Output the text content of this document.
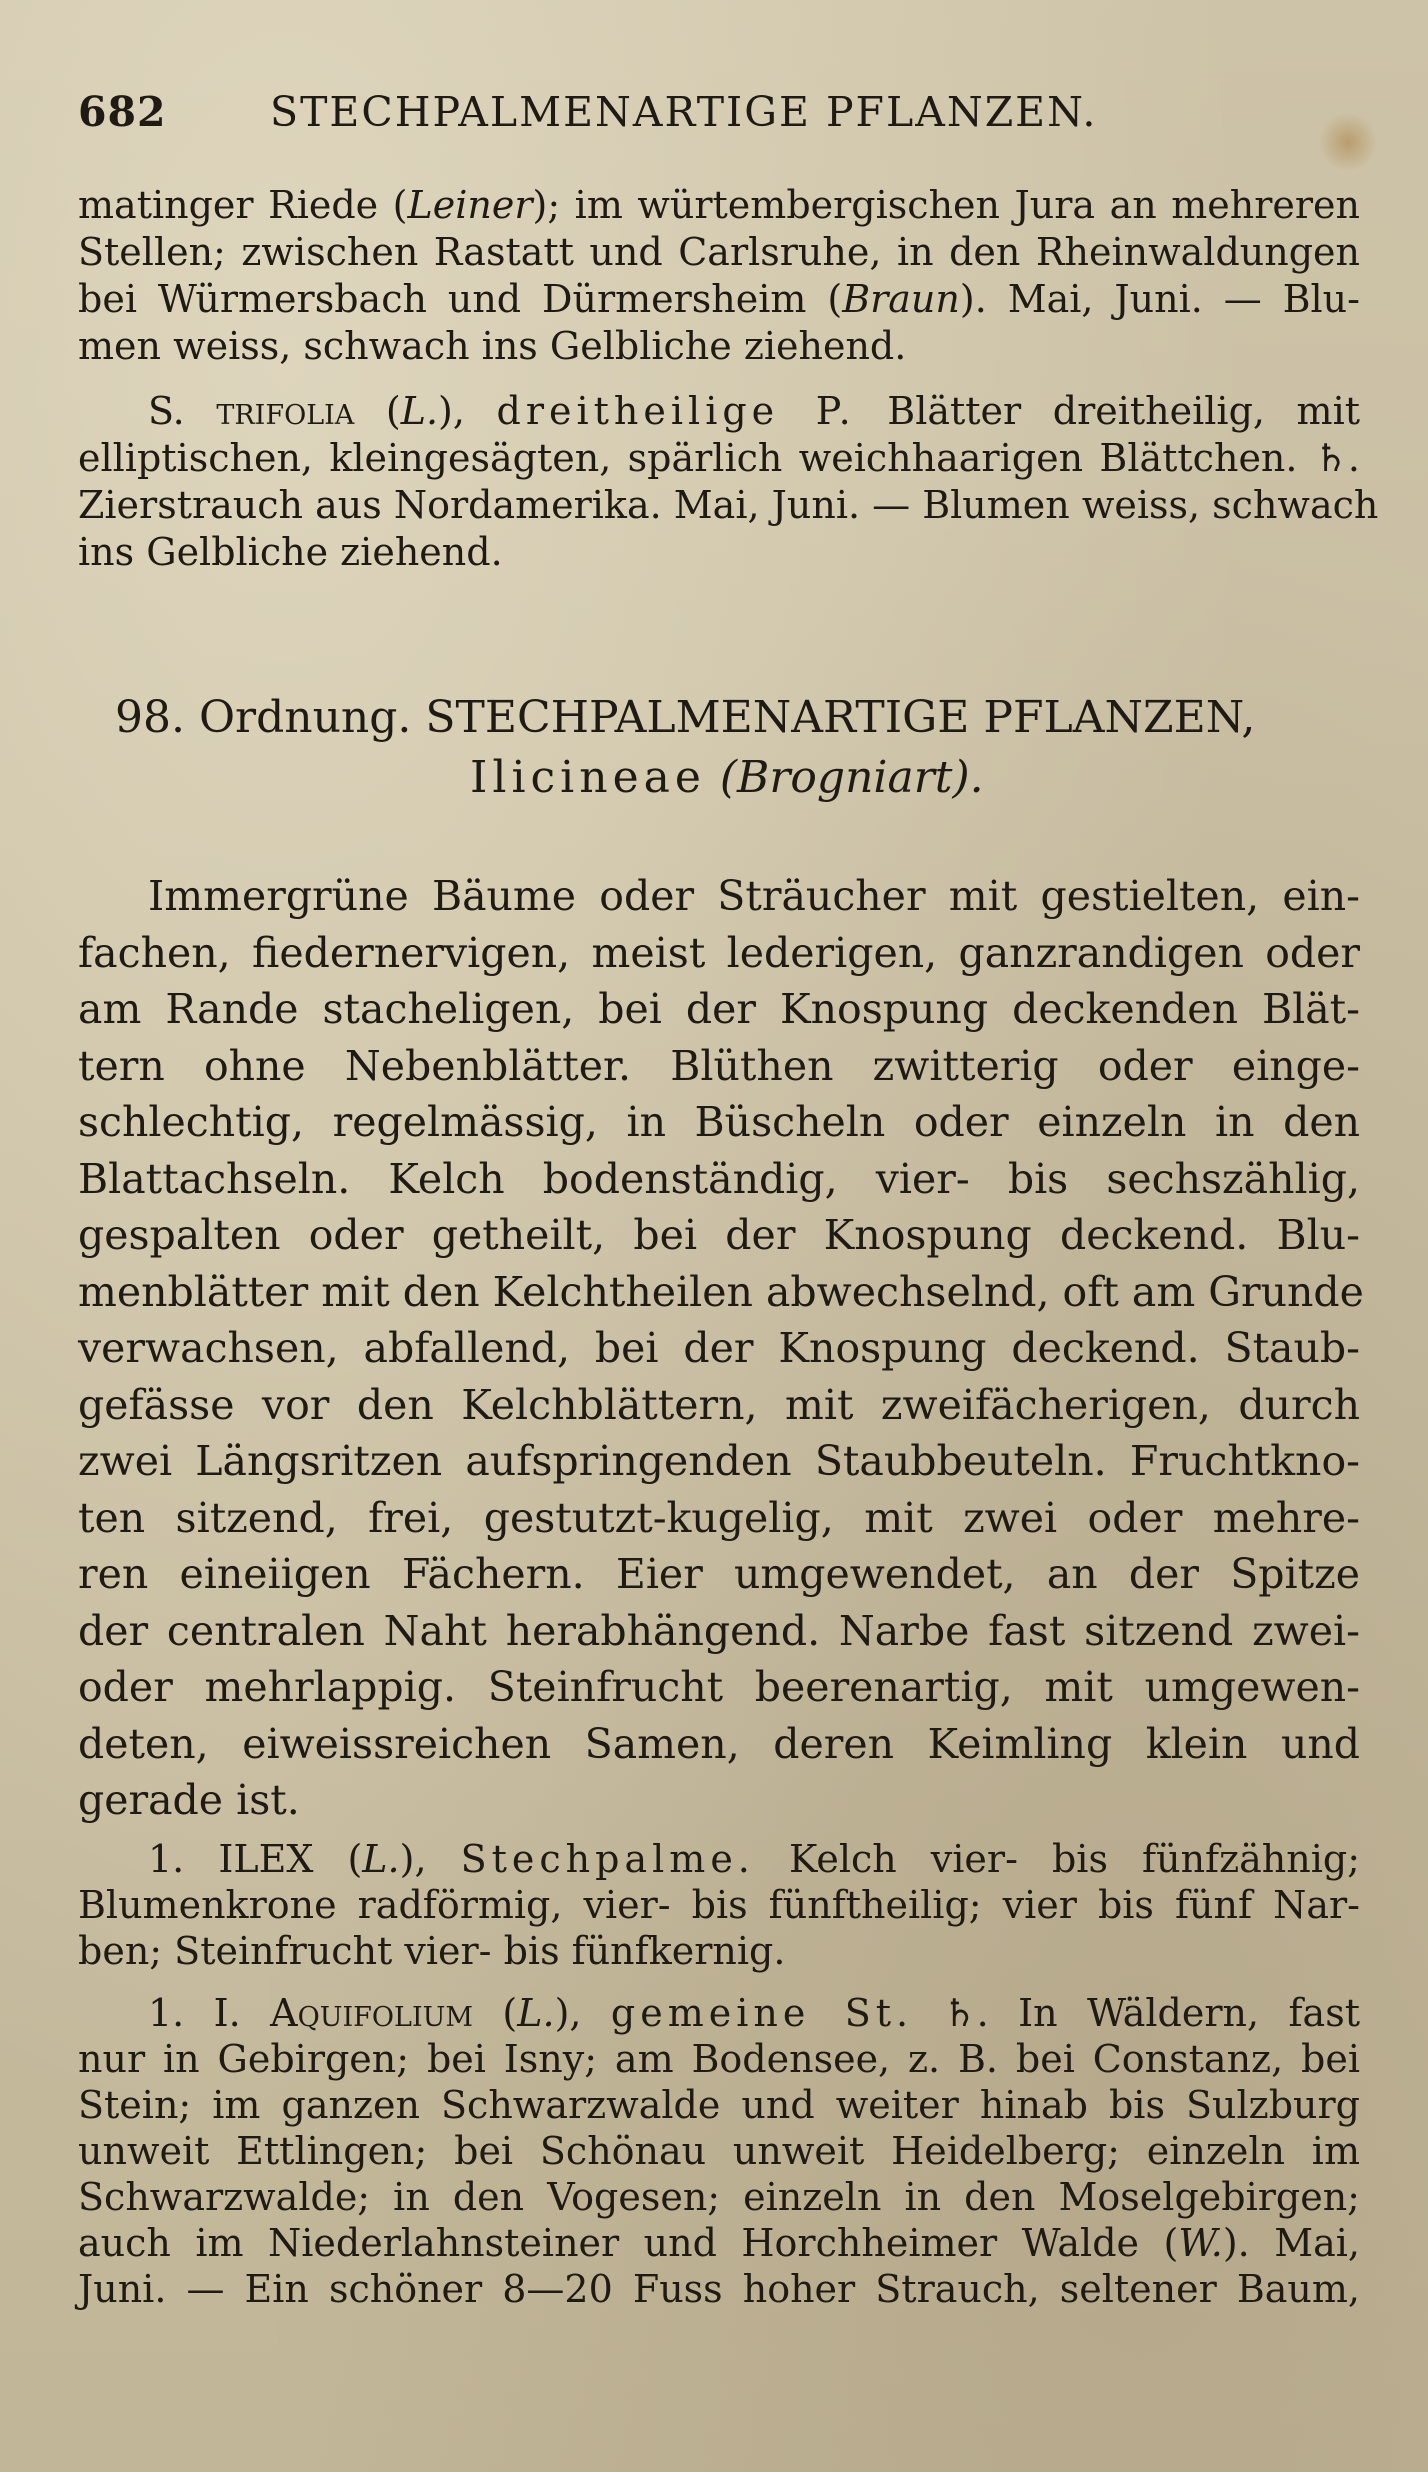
682	STECHPALMENARTIGE PFLANZEN.
matinger Riede (Leiner); im würtembergischen Jura an mehreren
Stellen; zwischen Rastatt und Carlsruhe, in den Rheinwaldungen
bei Würmersbach und Dürmersheim (Braun). Mai, Juni. — Blu-
men weiss, schwach ins Gelbliche ziehend.
S. trifolia (L.), dreitheilige P. Blätter dreitheilig, mit
elliptischen, kleingesägten, spärlich weichhaarigen Blättchen. ♄.
Zierstrauch aus Nordamerika. Mai, Juni. — Blumen weiss, schwach
ins Gelbliche ziehend.
98. Ordnung. STECHPALMENARTIGE PFLANZEN,
Ilicineae (Brogniart).
Immergrüne Bäume oder Sträucher mit gestielten, ein-
fachen, fiedernervigen, meist lederigen, ganzrandigen oder
am Rande stacheligen, bei der Knospung deckenden Blät-
tern ohne Nebenblätter. Blüthen zwitterig oder einge-
schlechtig, regelmässig, in Büscheln oder einzeln in den
Blattachseln. Kelch bodenständig, vier- bis sechszählig,
gespalten oder getheilt, bei der Knospung deckend. Blu-
menblätter mit den Kelchtheilen abwechselnd, oft am Grunde
verwachsen, abfallend, bei der Knospung deckend. Staub-
gefässe vor den Kelchblättern, mit zweifächerigen, durch
zwei Längsritzen aufspringenden Staubbeuteln. Fruchtkno-
ten sitzend, frei, gestutzt-kugelig, mit zwei oder mehre-
ren eineiigen Fächern. Eier umgewendet, an der Spitze
der centralen Naht herabhängend. Narbe fast sitzend zwei-
oder mehrlappig. Steinfrucht beerenartig, mit umgewen-
deten, eiweissreichen Samen, deren Keimling klein und
gerade ist.
1. ILEX (L.), Stechpalme. Kelch vier- bis fünfzähnig;
Blumenkrone radförmig, vier- bis fünftheilig; vier bis fünf Nar-
ben; Steinfrucht vier- bis fünfkernig.
1. I. Aquifolium (L.), gemeine St. ♄. In Wäldern, fast
nur in Gebirgen; bei Isny; am Bodensee, z. B. bei Constanz, bei
Stein; im ganzen Schwarzwalde und weiter hinab bis Sulzburg
unweit Ettlingen; bei Schönau unweit Heidelberg; einzeln im
Schwarzwalde; in den Vogesen; einzeln in den Moselgebirgen;
auch im Niederlahnsteiner und Horchheimer Walde (W.). Mai,
Juni. — Ein schöner 8—20 Fuss hoher Strauch, seltener Baum,
